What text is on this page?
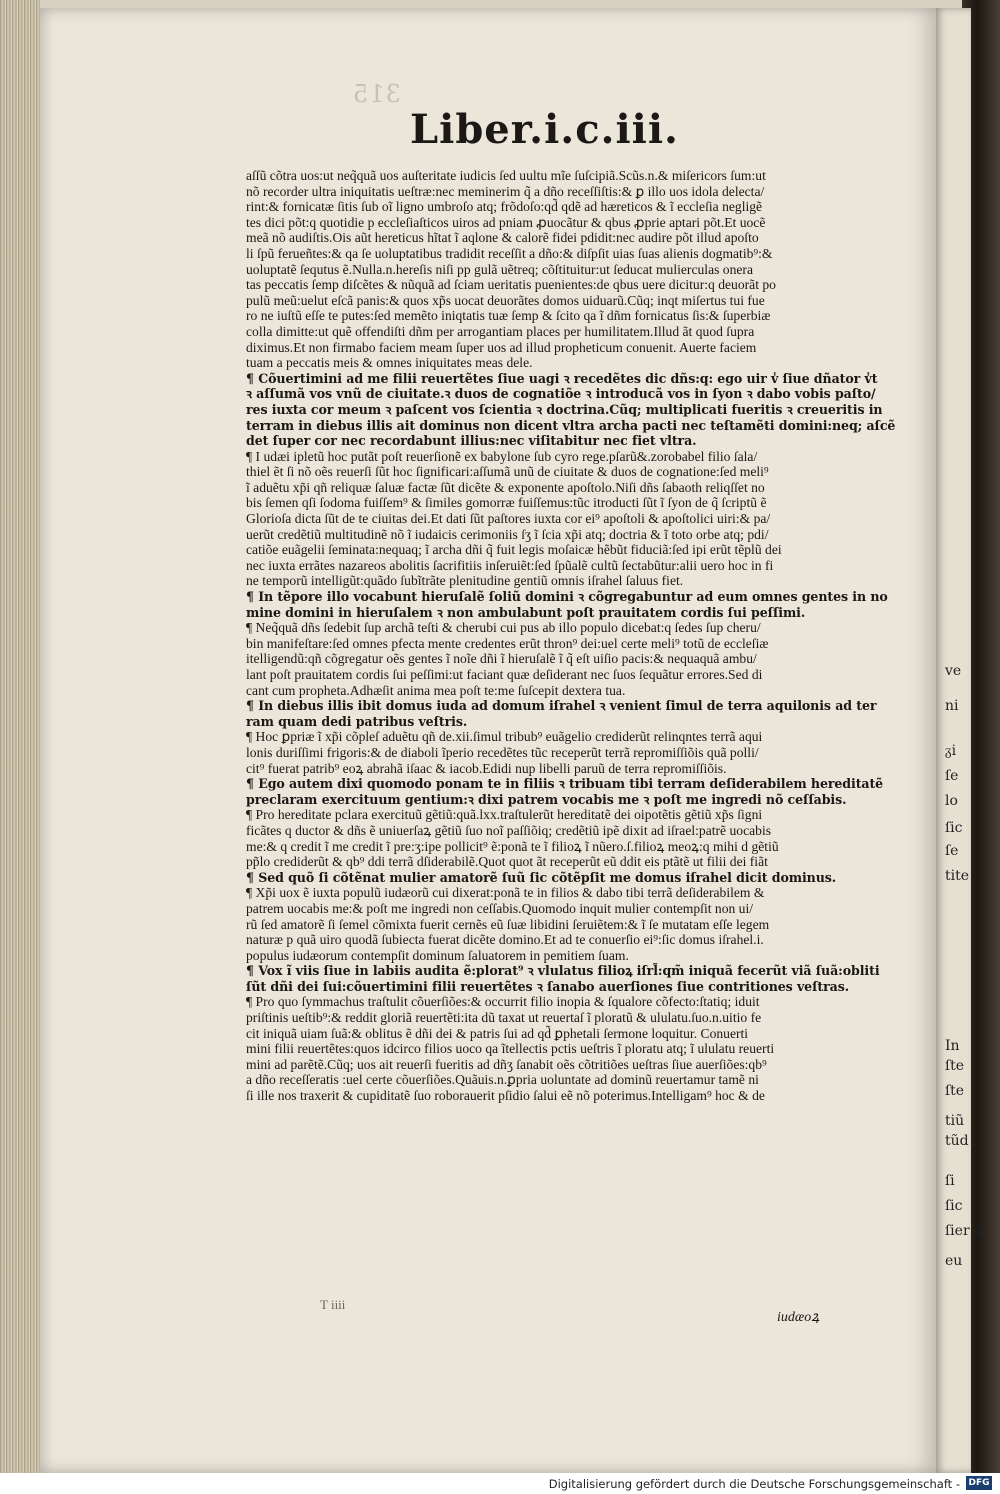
ve
ni
ᵹi
ſe
lo
ſic
ſe
tite
In
ſte
ſte
tiũ
tũd
ſi
ſic
ſier d
eu
315
Liber.i.c.iii.
aſſũ cõtra uos:ut neq̃quã uos auſteritate iudicis ſed uultu mĩe ſuſcipiã.Scũs.n.& miſericors ſum:ut
nõ recorder ultra iniquitatis ueſtræ:nec meminerim q̃ a dño receſſiſtis:& ꝑ illo uos idola delecta/
rint:& fornicatæ ſitis ſub oĩ ligno umbroſo atq; frõdoſo:qd̃ qdẽ ad hæreticos & ĩ eccleſia negligẽ
tes dici põt:q quotidie p eccleſiaſticos uiros ad pniam ꝓuocãtur & qbus ꝓprie aptari põt.Et uocẽ
meã nõ audiſtis.Ois aũt hereticus hĩtat ĩ aqlone & calorẽ fidei pdidit:nec audire põt illud apoſto
li ſpũ ferueñtes:& qa ſe uoluptatibus tradidit receſſit a dño:& diſpſit uias ſuas alienis dogmatib⁹:&
uoluptatẽ ſequtus ẽ.Nulla.n.hereſis niſi pp gulã uẽtreq; cõſtituitur:ut ſeducat mulierculas onera
tas peccatis ſemp diſcẽtes & nũquã ad ſciam ueritatis puenientes:de qbus uere dicitur:q deuorãt po
pulũ meũ:uelut eſcã panis:& quos xp̃s uocat deuorãtes domos uiduarũ.Cũq; inqt miſertus tui fue
ro ne iuſtũ eſſe te putes:ſed memẽto iniqtatis tuæ ſemp & ſcito qa ĩ dñm fornicatus ſis:& ſuperbiæ
colla dimitte:ut quẽ offendiſti dñm per arrogantiam places per humilitatem.Illud ãt quod ſupra
diximus.Et non firmabo faciem meam ſuper uos ad illud propheticum conuenit. Auerte faciem
tuam a peccatis meis & omnes iniquitates meas dele.
¶ Cõuertimini ad me filii reuertẽtes ſiue uagi ꝛ recedẽtes dic dñs:q: ego uir v̾ ſiue dñator v̾t
ꝛ aſſumã vos vnũ de ciuitate.ꝛ duos de cognatiõe ꝛ introducã vos in ſyon ꝛ dabo vobis paſto/
res iuxta cor meum ꝛ paſcent vos ſcientia ꝛ doctrina.Cũq; multiplicati fueritis ꝛ creueritis in
terram in diebus illis ait dominus non dicent vltra archa pacti nec teſtamẽti domini:neq; aſcẽ
det ſuper cor nec recordabunt illius:nec viſitabitur nec fiet vltra.
¶ I udæi ipletũ hoc putãt poſt reuerſionẽ ex babylone ſub cyro rege.pſarũ&.zorobabel filio ſala/
thiel ẽt ſi nõ oẽs reuerſi ſũt hoc ſignificari:aſſumã unũ de ciuitate & duos de cognatione:ſed meli⁹
ĩ aduẽtu xp̃i qñ reliquæ ſaluæ factæ ſũt dicẽte & exponente apoſtolo.Niſi dñs ſabaoth reliqſſet no
bis ſemen qſi ſodoma fuiſſem⁹ & ſimiles gomorræ fuiſſemus:tũc itroducti ſũt ĩ ſyon de q̃ ſcriptũ ẽ
Glorioſa dicta ſũt de te ciuitas dei.Et dati ſũt paſtores iuxta cor ei⁹ apoſtoli & apoſtolici uiri:& pa/
uerũt credẽtiũ multitudinẽ nõ ĩ iudaicis cerimoniis ſʒ ĩ ſcia xp̃i atq; doctria & ĩ toto orbe atq; pdi/
catiõe euãgelii ſeminata:nequaq; ĩ archa dñi q̃ fuit legis moſaicæ hẽbũt fiduciã:ſed ipi erũt tẽplũ dei
nec iuxta errãtes nazareos abolitis ſacrifitiis inſeruiẽt:ſed ſpũalẽ cultũ ſectabũtur:alii uero hoc in fi
ne temporũ intelligũt:quãdo ſubĩtrãte plenitudine gentiũ omnis iſrahel ſaluus fiet.
¶ In tẽpore illo vocabunt hieruſalẽ ſoliũ domini ꝛ cõgregabuntur ad eum omnes gentes in no
mine domini in hieruſalem ꝛ non ambulabunt poſt prauitatem cordis ſui peſſimi.
¶ Neq̃quã dñs ſedebit ſup archã teſti & cherubi cui pus ab illo populo dicebat:q ſedes ſup cheru/
bin manifeſtare:ſed omnes pfecta mente credentes erũt thron⁹ dei:uel certe meli⁹ totũ de eccleſiæ
itelligendũ:qñ cõgregatur oẽs gentes ĩ noĩe dñi ĩ hieruſalẽ ĩ q̃ eſt uiſio pacis:& nequaquã ambu/
lant poſt prauitatem cordis ſui peſſimi:ut faciant quæ deſiderant nec ſuos ſequãtur errores.Sed di
cant cum propheta.Adhæſit anima mea poſt te:me ſuſcepit dextera tua.
¶ In diebus illis ibit domus iuda ad domum iſrahel ꝛ venient ſimul de terra aquilonis ad ter
ram quam dedi patribus veſtris.
¶ Hoc ꝑpriæ ĩ xp̃i cõpleſ aduẽtu qñ de.xii.ſimul tribub⁹ euãgelio crediderũt relinqntes terrã aqui
lonis duriſſimi frigoris:& de diaboli ĩperio recedẽtes tũc receperũt terrã repromiſſiõis quã polli/
cit⁹ fuerat patrib⁹ eoꝝ abrahã iſaac & iacob.Edidi nup libelli paruũ de terra repromiſſiõis.
¶ Ego autem dixi quomodo ponam te in filiis ꝛ tribuam tibi terram deſiderabilem hereditatẽ
preclaram exercituum gentium:ꝛ dixi patrem vocabis me ꝛ poſt me ingredi nõ ceſſabis.
¶ Pro hereditate pclara exercituũ gẽtiũ:quã.lxx.traſtulerũt hereditatẽ dei oipotẽtis gẽtiũ xp̃s ſigni
ficãtes q ductor & dñs ẽ uniuerſaꝝ gẽtiũ ſuo noĩ paſſiõiq; credẽtiũ ipẽ dixit ad iſrael:patrẽ uocabis
me:& q credit ĩ me credit ĩ pre:ʒ:ipe pollicit⁹ ẽ:ponã te ĩ filioꝝ ĩ nũero.ſ.filioꝝ meoꝝ:q mihi d gẽtiũ
pp̃lo crediderũt & qb⁹ ddi terrã dſiderabilẽ.Quot quot ãt receperũt eũ ddit eis ptãtẽ ut filii dei fiãt
¶ Sed quõ ſi cõtẽnat mulier amatorẽ ſuũ ſic cõtẽpſit me domus iſrahel dicit dominus.
¶ Xp̃i uox ẽ iuxta populũ iudæorũ cui dixerat:ponã te in filios & dabo tibi terrã deſiderabilem &
patrem uocabis me:& poſt me ingredi non ceſſabis.Quomodo inquit mulier contempſit non ui/
rũ ſed amatorẽ ſi ſemel cõmixta fuerit cernẽs eũ ſuæ libidini ſeruiẽtem:& ĩ ſe mutatam eſſe legem
naturæ p quã uiro quodã ſubiecta fuerat dicẽte domino.Et ad te conuerſio ei⁹:ſic domus iſrahel.i.
populus iudæorum contempſit dominum ſaluatorem in pemitiem ſuam.
¶ Vox ĩ viis ſiue in labiis audita ẽ:plorat⁹ ꝛ vlulatus filioꝝ iſrl̃:qm̃ iniquã fecerũt viã ſuã:obliti
ſũt dñi dei ſui:cõuertimini filii reuertẽtes ꝛ ſanabo auerſiones ſiue contritiones veſtras.
¶ Pro quo ſymmachus traſtulit cõuerſiões:& occurrit filio inopia & ſqualore cõfecto:ſtatiq; iduit
priſtinis ueſtib⁹:& reddit gloriã reuertẽti:ita dũ taxat ut reuertaſ ĩ ploratũ & ululatu.ſuo.n.uitio fe
cit iniquã uiam ſuã:& oblitus ẽ dñi dei & patris ſui ad qd̃ ꝑphetali ſermone loquitur. Conuerti
mini filii reuertẽtes:quos idcirco filios uoco qa ĩtellectis pctis ueſtris ĩ ploratu atq; ĩ ululatu reuerti
mini ad parẽtẽ.Cũq; uos ait reuerſi fueritis ad dñʒ ſanabit oẽs cõtritiões ueſtras ſiue auerſiões:qb⁹
a dño receſſeratis :uel certe cõuerſiões.Quãuis.n.ꝑpria uoluntate ad dominũ reuertamur tamẽ ni
ſi ille nos traxerit & cupiditatẽ ſuo roborauerit pſidio ſalui eẽ nõ poterimus.Intelligam⁹ hoc & de
T iiii
iudæoꝝ
Digitalisierung gefördert durch die Deutsche Forschungsgemeinschaft - DFG
